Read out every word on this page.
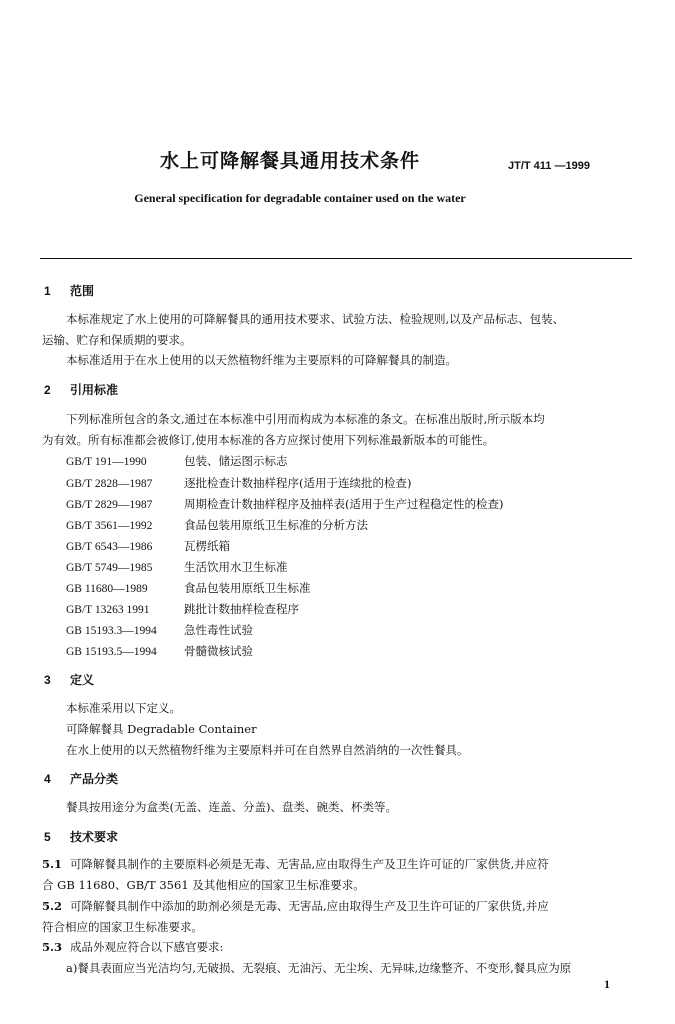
水上可降解餐具通用技术条件	JT/T 411 —1999
General specification for degradable container used on the water
1 范围
本标准规定了水上使用的可降解餐具的通用技术要求、试验方法、检验规则,以及产品标志、包装、
运输、贮存和保质期的要求。
本标准适用于在水上使用的以天然植物纤维为主要原料的可降解餐具的制造。
2 引用标准
下列标准所包含的条文,通过在本标准中引用而构成为本标准的条文。在标准出版时,所示版本均
为有效。所有标准都会被修订,使用本标准的各方应探讨使用下列标准最新版本的可能性。
GB/T 191—1990	包装、储运图示标志
GB/T 2828—1987	逐批检查计数抽样程序(适用于连续批的检查)
GB/T 2829—1987	周期检查计数抽样程序及抽样表(适用于生产过程稳定性的检查)
GB/T 3561—1992	食品包装用原纸卫生标准的分析方法
GB/T 6543—1986	瓦楞纸箱
GB/T 5749—1985	生活饮用水卫生标准
GB 11680—1989	食品包装用原纸卫生标准
GB/T 13263 1991	跳批计数抽样检查程序
GB 15193.3—1994 急性毒性试验
GB 15193.5—1994 骨髓微核试验
3 定义
本标准采用以下定义。
可降解餐具 Degradable Container
在水上使用的以天然植物纤维为主要原料并可在自然界自然消纳的一次性餐具。
4 产品分类
餐具按用途分为盒类(无盖、连盖、分盖)、盘类、碗类、杯类等。
5 技术要求
5.1 可降解餐具制作的主要原料必须是无毒、无害品,应由取得生产及卫生许可证的厂家供货,并应符
合 GB 11680、GB/T 3561 及其他相应的国家卫生标准要求。
5.2 可降解餐具制作中添加的助剂必须是无毒、无害品,应由取得生产及卫生许可证的厂家供货,并应
符合相应的国家卫生标准要求。
5.3 成品外观应符合以下感官要求:
a)餐具表面应当光洁均匀,无破损、无裂痕、无油污、无尘埃、无异味,边缘整齐、不变形,餐具应为原
1
